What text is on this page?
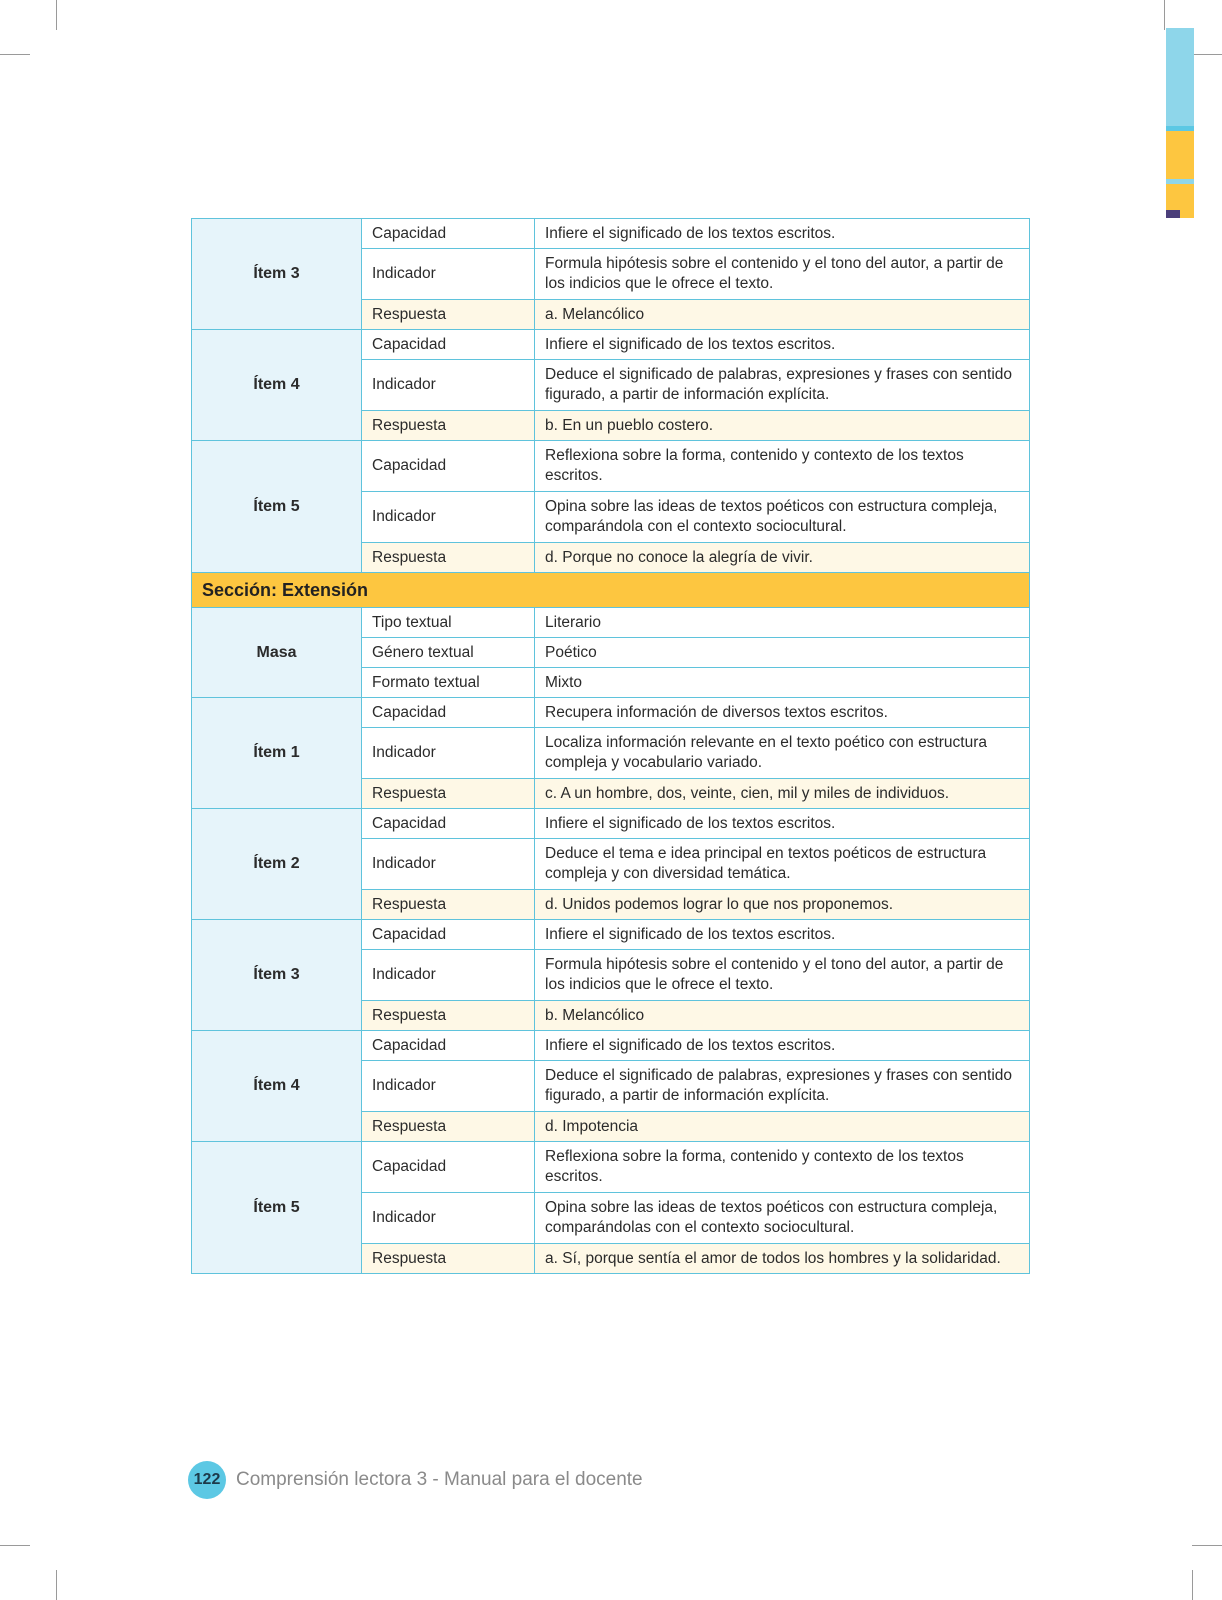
Ítem 3	Capacidad	Infiere el significado de los textos escritos.
	Indicador	Formula hipótesis sobre el contenido y el tono del autor, a partir de los indicios que le ofrece el texto.
	Respuesta	a. Melancólico
Ítem 4	Capacidad	Infiere el significado de los textos escritos.
	Indicador	Deduce el significado de palabras, expresiones y frases con sentido figurado, a partir de información explícita.
	Respuesta	b. En un pueblo costero.
Ítem 5	Capacidad	Reflexiona sobre la forma, contenido y contexto de los textos escritos.
	Indicador	Opina sobre las ideas de textos poéticos con estructura compleja, comparándola con el contexto sociocultural.
	Respuesta	d. Porque no conoce la alegría de vivir.
Sección: Extensión		
Masa	Tipo textual	Literario
	Género textual	Poético
	Formato textual	Mixto
Ítem 1	Capacidad	Recupera información de diversos textos escritos.
	Indicador	Localiza información relevante en el texto poético con estructura compleja y vocabulario variado.
	Respuesta	c. A un hombre, dos, veinte, cien, mil y miles de individuos.
Ítem 2	Capacidad	Infiere el significado de los textos escritos.
	Indicador	Deduce el tema e idea principal en textos poéticos de estructura compleja y con diversidad temática.
	Respuesta	d. Unidos podemos lograr lo que nos proponemos.
Ítem 3	Capacidad	Infiere el significado de los textos escritos.
	Indicador	Formula hipótesis sobre el contenido y el tono del autor, a partir de los indicios que le ofrece el texto.
	Respuesta	b. Melancólico
Ítem 4	Capacidad	Infiere el significado de los textos escritos.
	Indicador	Deduce el significado de palabras, expresiones y frases con sentido figurado, a partir de información explícita.
	Respuesta	d. Impotencia
Ítem 5	Capacidad	Reflexiona sobre la forma, contenido y contexto de los textos escritos.
	Indicador	Opina sobre las ideas de textos poéticos con estructura compleja, comparándolas con el contexto sociocultural.
	Respuesta	a. Sí, porque sentía el amor de todos los hombres y la solidaridad.
122 Comprensión lectora 3 - Manual para el docente
